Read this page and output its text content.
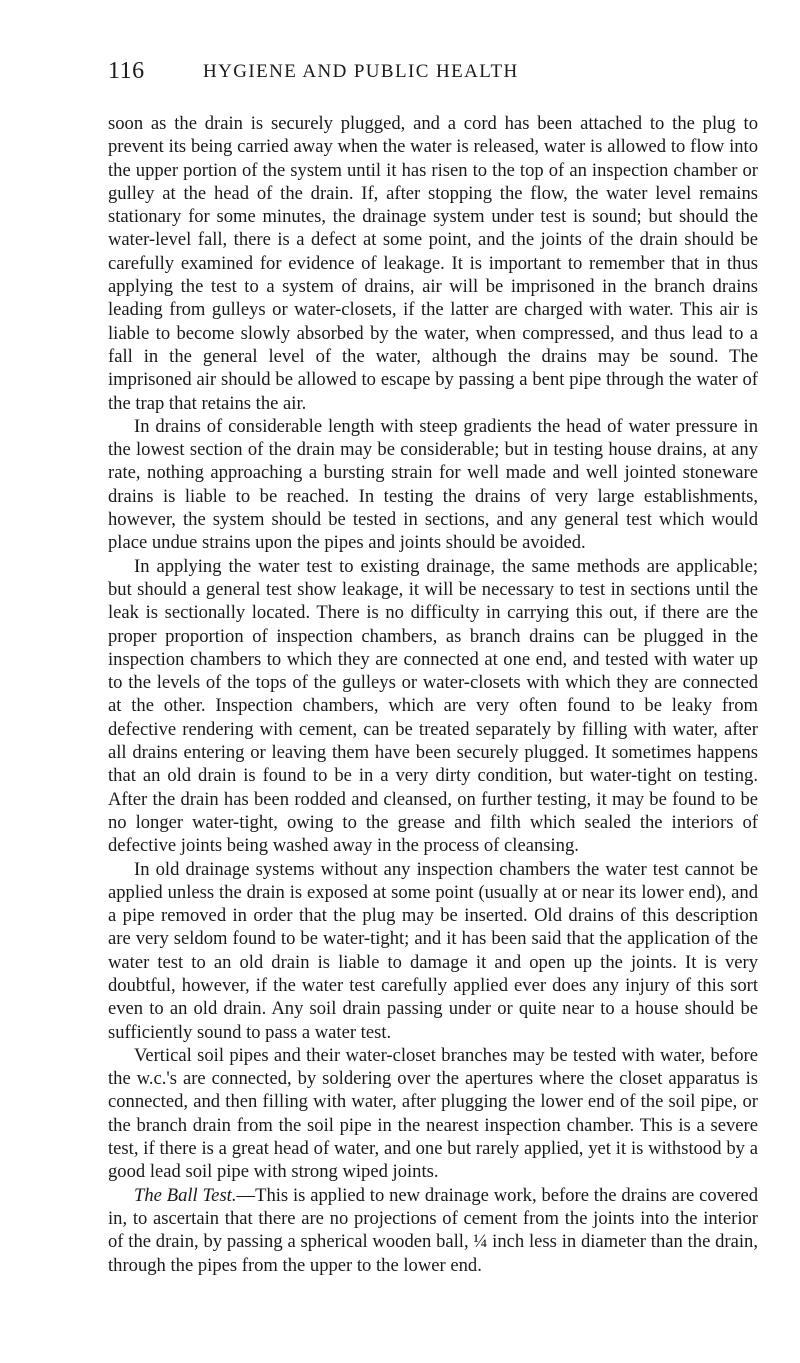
116	HYGIENE AND PUBLIC HEALTH

soon as the drain is securely plugged, and a cord has been attached to the plug to prevent its being carried away when the water is released, water is allowed to flow into the upper portion of the system until it has risen to the top of an inspection chamber or gulley at the head of the drain. If, after stopping the flow, the water level remains stationary for some minutes, the drainage system under test is sound; but should the water-level fall, there is a defect at some point, and the joints of the drain should be carefully examined for evidence of leakage. It is important to remember that in thus applying the test to a system of drains, air will be imprisoned in the branch drains leading from gulleys or water-closets, if the latter are charged with water. This air is liable to become slowly absorbed by the water, when compressed, and thus lead to a fall in the general level of the water, although the drains may be sound. The imprisoned air should be allowed to escape by passing a bent pipe through the water of the trap that retains the air.

In drains of considerable length with steep gradients the head of water pressure in the lowest section of the drain may be considerable; but in testing house drains, at any rate, nothing approaching a bursting strain for well made and well jointed stoneware drains is liable to be reached. In testing the drains of very large establishments, however, the system should be tested in sections, and any general test which would place undue strains upon the pipes and joints should be avoided.

In applying the water test to existing drainage, the same methods are applicable; but should a general test show leakage, it will be necessary to test in sections until the leak is sectionally located. There is no difficulty in carrying this out, if there are the proper proportion of inspection chambers, as branch drains can be plugged in the inspection chambers to which they are connected at one end, and tested with water up to the levels of the tops of the gulleys or water-closets with which they are connected at the other. Inspection chambers, which are very often found to be leaky from defective rendering with cement, can be treated separately by filling with water, after all drains entering or leaving them have been securely plugged. It sometimes happens that an old drain is found to be in a very dirty condition, but water-tight on testing. After the drain has been rodded and cleansed, on further testing, it may be found to be no longer water-tight, owing to the grease and filth which sealed the interiors of defective joints being washed away in the process of cleansing.

In old drainage systems without any inspection chambers the water test cannot be applied unless the drain is exposed at some point (usually at or near its lower end), and a pipe removed in order that the plug may be inserted. Old drains of this description are very seldom found to be water-tight; and it has been said that the application of the water test to an old drain is liable to damage it and open up the joints. It is very doubtful, however, if the water test carefully applied ever does any injury of this sort even to an old drain. Any soil drain passing under or quite near to a house should be sufficiently sound to pass a water test.

Vertical soil pipes and their water-closet branches may be tested with water, before the w.c.'s are connected, by soldering over the apertures where the closet apparatus is connected, and then filling with water, after plugging the lower end of the soil pipe, or the branch drain from the soil pipe in the nearest inspection chamber. This is a severe test, if there is a great head of water, and one but rarely applied, yet it is withstood by a good lead soil pipe with strong wiped joints.

The Ball Test.—This is applied to new drainage work, before the drains are covered in, to ascertain that there are no projections of cement from the joints into the interior of the drain, by passing a spherical wooden ball, ¼ inch less in diameter than the drain, through the pipes from the upper to the lower end.
